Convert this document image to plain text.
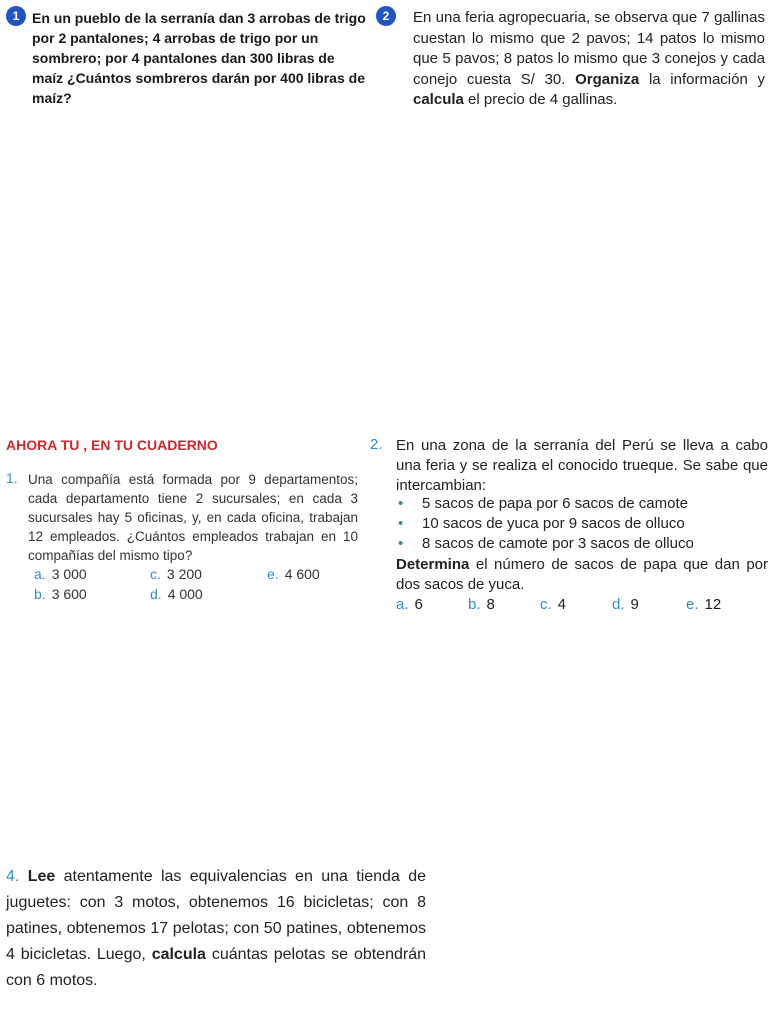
1 En un pueblo de la serranía dan 3 arrobas de trigo por 2 pantalones; 4 arrobas de trigo por un sombrero; por 4 pantalones dan 300 libras de maíz ¿Cuántos sombreros darán por 400 libras de maíz?
2	En una feria agropecuaria, se observa que 7 gallinas cuestan lo mismo que 2 pavos; 14 patos lo mismo que 5 pavos; 8 patos lo mismo que 3 conejos y cada conejo cuesta S/ 30. Organiza la información y calcula el precio de 4 gallinas.
AHORA TU , EN TU CUADERNO
1. Una compañía está formada por 9 departamentos; cada departamento tiene 2 sucursales; en cada 3 sucursales hay 5 oficinas, y, en cada oficina, trabajan 12 empleados. ¿Cuántos empleados trabajan en 10 compañías del mismo tipo?
a. 3 000	c. 3 200	e. 4 600
b. 3 600	d. 4 000
2. En una zona de la serranía del Perú se lleva a cabo una feria y se realiza el conocido trueque. Se sabe que intercambian:
• 5 sacos de papa por 6 sacos de camote
• 10 sacos de yuca por 9 sacos de olluco
• 8 sacos de camote por 3 sacos de olluco
Determina el número de sacos de papa que dan por dos sacos de yuca.
a. 6	b. 8	c. 4	d. 9	e. 12
4. Lee atentamente las equivalencias en una tienda de juguetes: con 3 motos, obtenemos 16 bicicletas; con 8 patines, obtenemos 17 pelotas; con 50 patines, obtenemos 4 bicicletas. Luego, calcula cuántas pelotas se obtendrán con 6 motos.
